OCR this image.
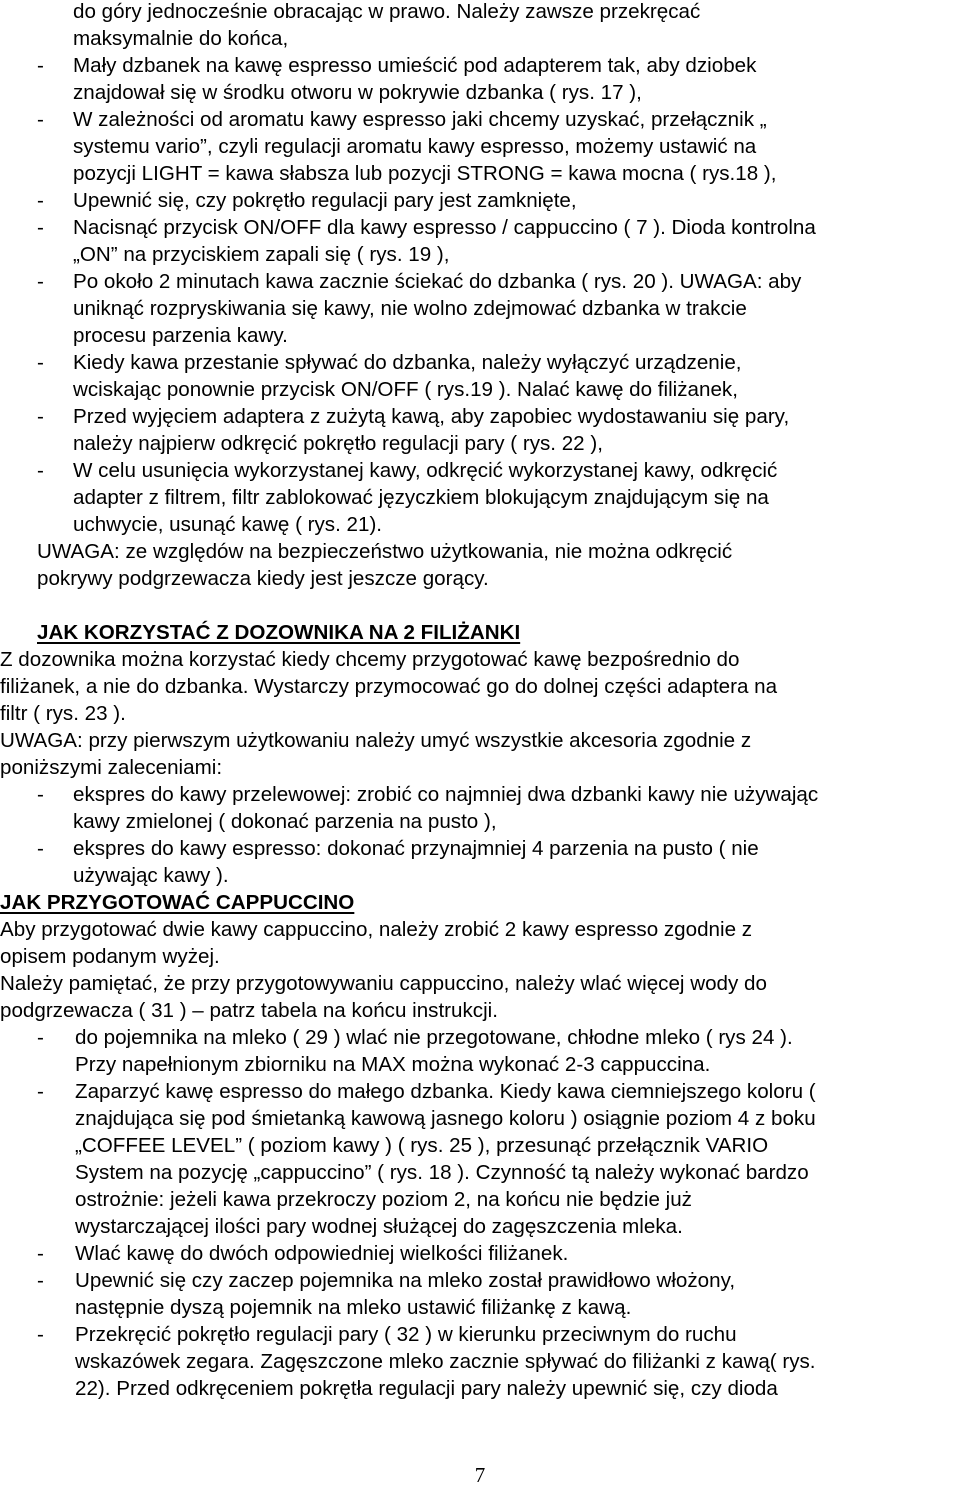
do góry jednocześnie obracając w prawo. Należy zawsze przekręcać
maksymalnie do końca,
- Mały dzbanek na kawę espresso umieścić pod adapterem tak, aby dziobek
znajdował się w środku otworu w pokrywie dzbanka ( rys. 17 ),
- W zależności od aromatu kawy espresso jaki chcemy uzyskać, przełącznik „
systemu vario”, czyli regulacji aromatu kawy espresso, możemy ustawić na
pozycji LIGHT = kawa słabsza lub pozycji STRONG = kawa mocna ( rys.18 ),
- Upewnić się, czy pokrętło regulacji pary jest zamknięte,
- Nacisnąć przycisk ON/OFF dla kawy espresso / cappuccino ( 7 ). Dioda kontrolna
„ON” na przyciskiem zapali się ( rys. 19 ),
- Po około 2 minutach kawa zacznie ściekać do dzbanka ( rys. 20 ). UWAGA: aby
uniknąć rozpryskiwania się kawy, nie wolno zdejmować dzbanka w trakcie
procesu parzenia kawy.
- Kiedy kawa przestanie spływać do dzbanka, należy wyłączyć urządzenie,
wciskając ponownie przycisk ON/OFF ( rys.19 ). Nalać kawę do filiżanek,
- Przed wyjęciem adaptera z zużytą kawą, aby zapobiec wydostawaniu się pary,
należy najpierw odkręcić pokrętło regulacji pary ( rys. 22 ),
- W celu usunięcia wykorzystanej kawy, odkręcić wykorzystanej kawy, odkręcić
adapter z filtrem, filtr zablokować języczkiem blokującym znajdującym się na
uchwycie, usunąć kawę ( rys. 21).
UWAGA: ze względów na bezpieczeństwo użytkowania, nie można odkręcić
pokrywy podgrzewacza kiedy jest jeszcze gorący.
JAK KORZYSTAĆ Z DOZOWNIKA NA 2 FILIŻANKI
Z dozownika można korzystać kiedy chcemy przygotować kawę bezpośrednio do
filiżanek, a nie do dzbanka. Wystarczy przymocować go do dolnej części adaptera na
filtr ( rys. 23 ).
UWAGA: przy pierwszym użytkowaniu należy umyć wszystkie akcesoria zgodnie z
poniższymi zaleceniami:
- ekspres do kawy przelewowej: zrobić co najmniej dwa dzbanki kawy nie używając
kawy zmielonej ( dokonać parzenia na pusto ),
- ekspres do kawy espresso: dokonać przynajmniej 4 parzenia na pusto ( nie
używając kawy ).
JAK PRZYGOTOWAĆ CAPPUCCINO
Aby przygotować dwie kawy cappuccino, należy zrobić 2 kawy espresso zgodnie z
opisem podanym wyżej.
Należy pamiętać, że przy przygotowywaniu cappuccino, należy wlać więcej wody do
podgrzewacza ( 31 ) – patrz tabela na końcu instrukcji.
- do pojemnika na mleko ( 29 ) wlać nie przegotowane, chłodne mleko ( rys 24 ).
Przy napełnionym zbiorniku na MAX można wykonać 2-3 cappuccina.
- Zaparzyć kawę espresso do małego dzbanka. Kiedy kawa ciemniejszego koloru (
znajdująca się pod śmietanką kawową jasnego koloru ) osiągnie poziom 4 z boku
„COFFEE LEVEL” ( poziom kawy ) ( rys. 25 ), przesunąć przełącznik VARIO
System na pozycję „cappuccino” ( rys. 18 ). Czynność tą należy wykonać bardzo
ostrożnie: jeżeli kawa przekroczy poziom 2, na końcu nie będzie już
wystarczającej ilości pary wodnej służącej do zagęszczenia mleka.
- Wlać kawę do dwóch odpowiedniej wielkości filiżanek.
- Upewnić się czy zaczep pojemnika na mleko został prawidłowo włożony,
następnie dyszą pojemnik na mleko ustawić filiżankę z kawą.
- Przekręcić pokrętło regulacji pary ( 32 ) w kierunku przeciwnym do ruchu
wskazówek zegara. Zagęszczone mleko zacznie spływać do filiżanki z kawą( rys.
22). Przed odkręceniem pokrętła regulacji pary należy upewnić się, czy dioda
7
